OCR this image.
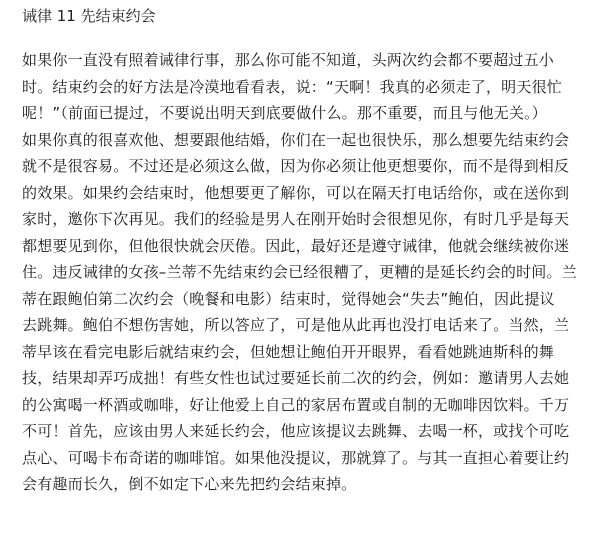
诫律 11 先结束约会
如果你一直没有照着诫律行事，那么你可能不知道，头两次约会都不要超过五小
时。结束约会的好方法是冷漠地看看表，说：“天啊！我真的必须走了，明天很忙
呢！”（前面已提过，不要说出明天到底要做什么。那不重要，而且与他无关。）
如果你真的很喜欢他、想要跟他结婚，你们在一起也很快乐，那么想要先结束约会
就不是很容易。不过还是必须这么做，因为你必须让他更想要你，而不是得到相反
的效果。如果约会结束时，他想要更了解你，可以在隔天打电话给你，或在送你到
家时，邀你下次再见。我们的经验是男人在刚开始时会很想见你，有时几乎是每天
都想要见到你，但他很快就会厌倦。因此，最好还是遵守诫律，他就会继续被你迷
住。违反诫律的女孩–兰蒂不先结束约会已经很糟了，更糟的是延长约会的时间。兰
蒂在跟鲍伯第二次约会（晚餐和电影）结束时，觉得她会“失去”鲍伯，因此提议
去跳舞。鲍伯不想伤害她，所以答应了，可是他从此再也没打电话来了。当然，兰
蒂早该在看完电影后就结束约会，但她想让鲍伯开开眼界，看看她跳迪斯科的舞
技，结果却弄巧成拙！有些女性也试过要延长前二次的约会，例如：邀请男人去她
的公寓喝一杯酒或咖啡，好让他爱上自己的家居布置或自制的无咖啡因饮料。千万
不可！首先，应该由男人来延长约会，他应该提议去跳舞、去喝一杯，或找个可吃
点心、可喝卡布奇诺的咖啡馆。如果他没提议，那就算了。与其一直担心着要让约
会有趣而长久，倒不如定下心来先把约会结束掉。
